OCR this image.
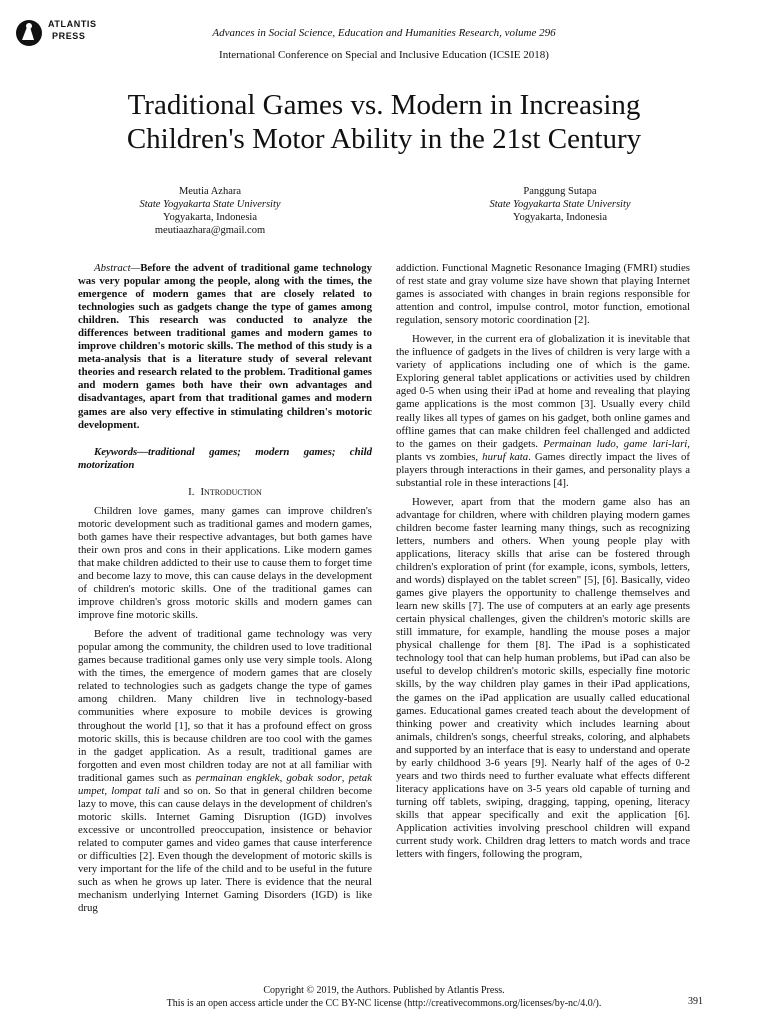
ATLANTIS
PRESS	Advances in Social Science, Education and Humanities Research, volume 296
International Conference on Special and Inclusive Education (ICSIE 2018)
Traditional Games vs. Modern in Increasing
Children's Motor Ability in the 21st Century
Meutia Azhara
State Yogyakarta State University
Yogyakarta, Indonesia
meutiaazhara@gmail.com
Panggung Sutapa
State Yogyakarta State University
Yogyakarta, Indonesia

Abstract—Before the advent of traditional game technology was very popular among the people, along with the times, the emergence of modern games that are closely related to technologies such as gadgets change the type of games among children. This research was conducted to analyze the differences between traditional games and modern games to improve children's motoric skills. The method of this study is a meta-analysis that is a literature study of several relevant theories and research related to the problem. Traditional games and modern games both have their own advantages and disadvantages, apart from that traditional games and modern games are also very effective in stimulating children's motoric development.

Keywords—traditional games; modern games; child motorization

I. Introduction

Children love games, many games can improve children's motoric development such as traditional games and modern games, both games have their respective advantages, but both games have their own pros and cons in their applications. Like modern games that make children addicted to their use to cause them to forget time and become lazy to move, this can cause delays in the development of children's motoric skills. One of the traditional games can improve children's gross motoric skills and modern games can improve fine motoric skills.

Before the advent of traditional game technology was very popular among the community, the children used to love traditional games because traditional games only use very simple tools. Along with the times, the emergence of modern games that are closely related to technologies such as gadgets change the type of games among children. Many children live in technology-based communities where exposure to mobile devices is growing throughout the world [1], so that it has a profound effect on gross motoric skills, this is because children are too cool with the games in the gadget application. As a result, traditional games are forgotten and even most children today are not at all familiar with traditional games such as permainan engklek, gobak sodor, petak umpet, lompat tali and so on. So that in general children become lazy to move, this can cause delays in the development of children's motoric skills. Internet Gaming Disruption (IGD) involves excessive or uncontrolled preoccupation, insistence or behavior related to computer games and video games that cause interference or difficulties [2]. Even though the development of motoric skills is very important for the life of the child and to be useful in the future such as when he grows up later. There is evidence that the neural mechanism underlying Internet Gaming Disorders (IGD) is like drug

addiction. Functional Magnetic Resonance Imaging (FMRI) studies of rest state and gray volume size have shown that playing Internet games is associated with changes in brain regions responsible for attention and control, impulse control, motor function, emotional regulation, sensory motoric coordination [2].

However, in the current era of globalization it is inevitable that the influence of gadgets in the lives of children is very large with a variety of applications including one of which is the game. Exploring general tablet applications or activities used by children aged 0-5 when using their iPad at home and revealing that playing game applications is the most common [3]. Usually every child really likes all types of games on his gadget, both online games and offline games that can make children feel challenged and addicted to the games on their gadgets. Permainan ludo, game lari-lari, plants vs zombies, huruf kata. Games directly impact the lives of players through interactions in their games, and personality plays a substantial role in these interactions [4].

However, apart from that the modern game also has an advantage for children, where with children playing modern games children become faster learning many things, such as recognizing letters, numbers and others. When young people play with applications, literacy skills that arise can be fostered through children's exploration of print (for example, icons, symbols, letters, and words) displayed on the tablet screen" [5], [6]. Basically, video games give players the opportunity to challenge themselves and learn new skills [7]. The use of computers at an early age presents certain physical challenges, given the children's motoric skills are still immature, for example, handling the mouse poses a major physical challenge for them [8]. The iPad is a sophisticated technology tool that can help human problems, but iPad can also be useful to develop children's motoric skills, especially fine motoric skills, by the way children play games in their iPad applications, the games on the iPad application are usually called educational games. Educational games created teach about the development of thinking power and creativity which includes learning about animals, children's songs, cheerful streaks, coloring, and alphabets and supported by an interface that is easy to understand and operate by early childhood 3-6 years [9]. Nearly half of the ages of 0-2 years and two thirds need to further evaluate what effects different literacy applications have on 3-5 years old capable of turning and turning off tablets, swiping, dragging, tapping, opening, literacy skills that appear specifically and exit the application [6]. Application activities involving preschool children will expand current study work. Children drag letters to match words and trace letters with fingers, following the program,

Copyright © 2019, the Authors. Published by Atlantis Press.
This is an open access article under the CC BY-NC license (http://creativecommons.org/licenses/by-nc/4.0/).	391
